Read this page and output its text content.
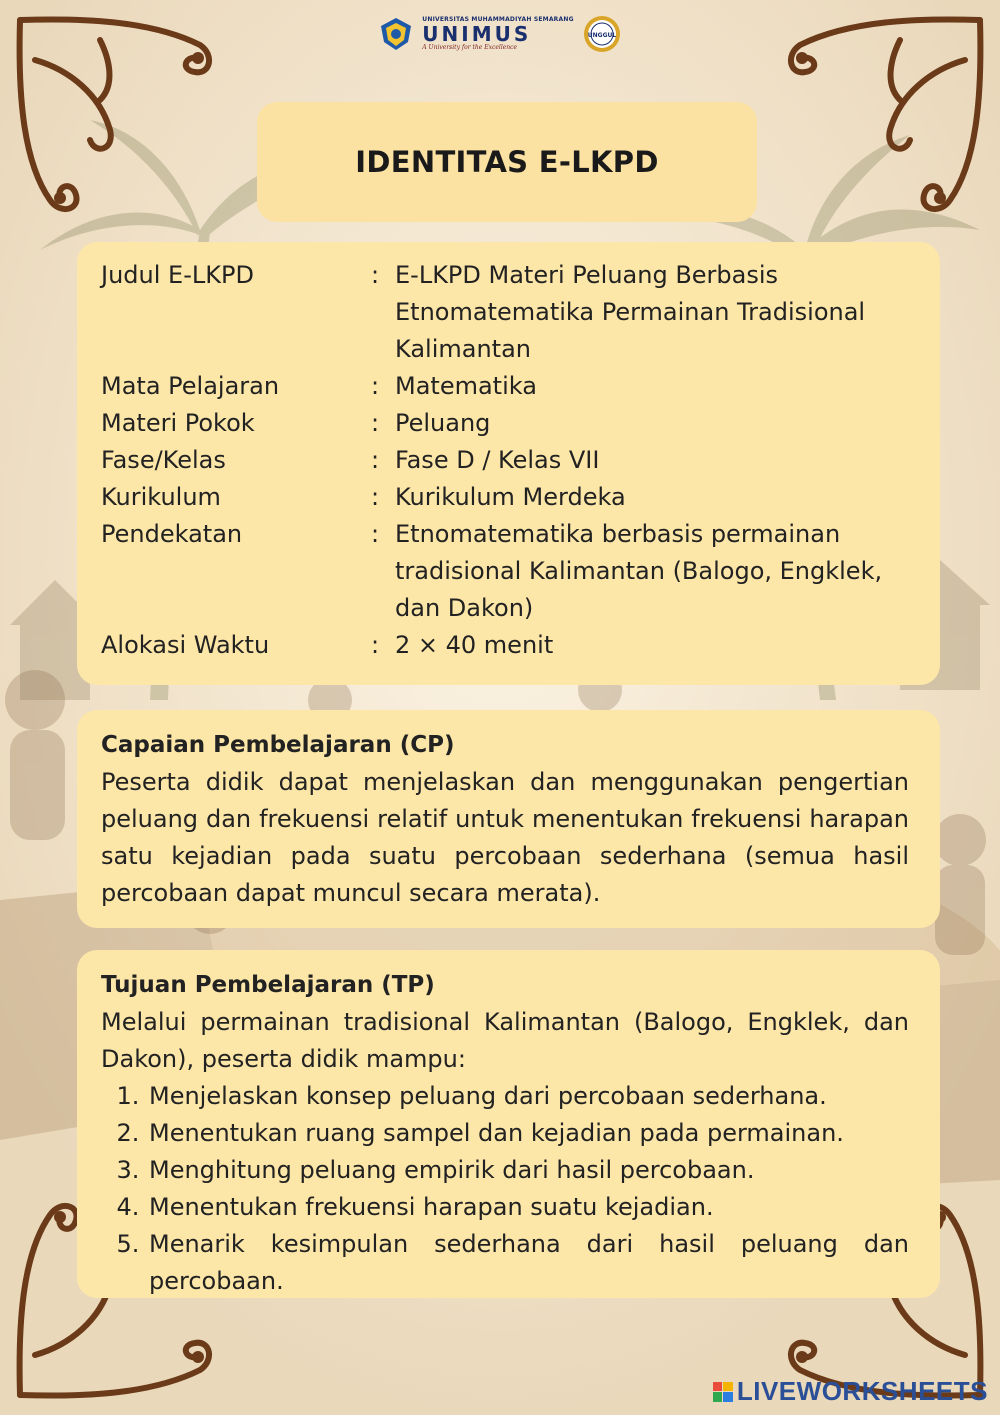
UNIVERSITAS MUHAMMADIYAH SEMARANG
UNIMUS
A University for the Excellence
UNGGUL
IDENTITAS E-LKPD
Judul E-LKPD	: E-LKPD Materi Peluang Berbasis Etnomatematika Permainan Tradisional Kalimantan
Mata Pelajaran	: Matematika
Materi Pokok	: Peluang
Fase/Kelas	: Fase D / Kelas VII
Kurikulum	: Kurikulum Merdeka
Pendekatan	: Etnomatematika berbasis permainan tradisional Kalimantan (Balogo, Engklek, dan Dakon)
Alokasi Waktu	: 2 × 40 menit
Capaian Pembelajaran (CP)
Peserta didik dapat menjelaskan dan menggunakan pengertian peluang dan frekuensi relatif untuk menentukan frekuensi harapan satu kejadian pada suatu percobaan sederhana (semua hasil percobaan dapat muncul secara merata).
Tujuan Pembelajaran (TP)
Melalui permainan tradisional Kalimantan (Balogo, Engklek, dan Dakon), peserta didik mampu:
1. Menjelaskan konsep peluang dari percobaan sederhana.
2. Menentukan ruang sampel dan kejadian pada permainan.
3. Menghitung peluang empirik dari hasil percobaan.
4. Menentukan frekuensi harapan suatu kejadian.
5. Menarik kesimpulan sederhana dari hasil peluang dan percobaan.
LIVEWORKSHEETS
